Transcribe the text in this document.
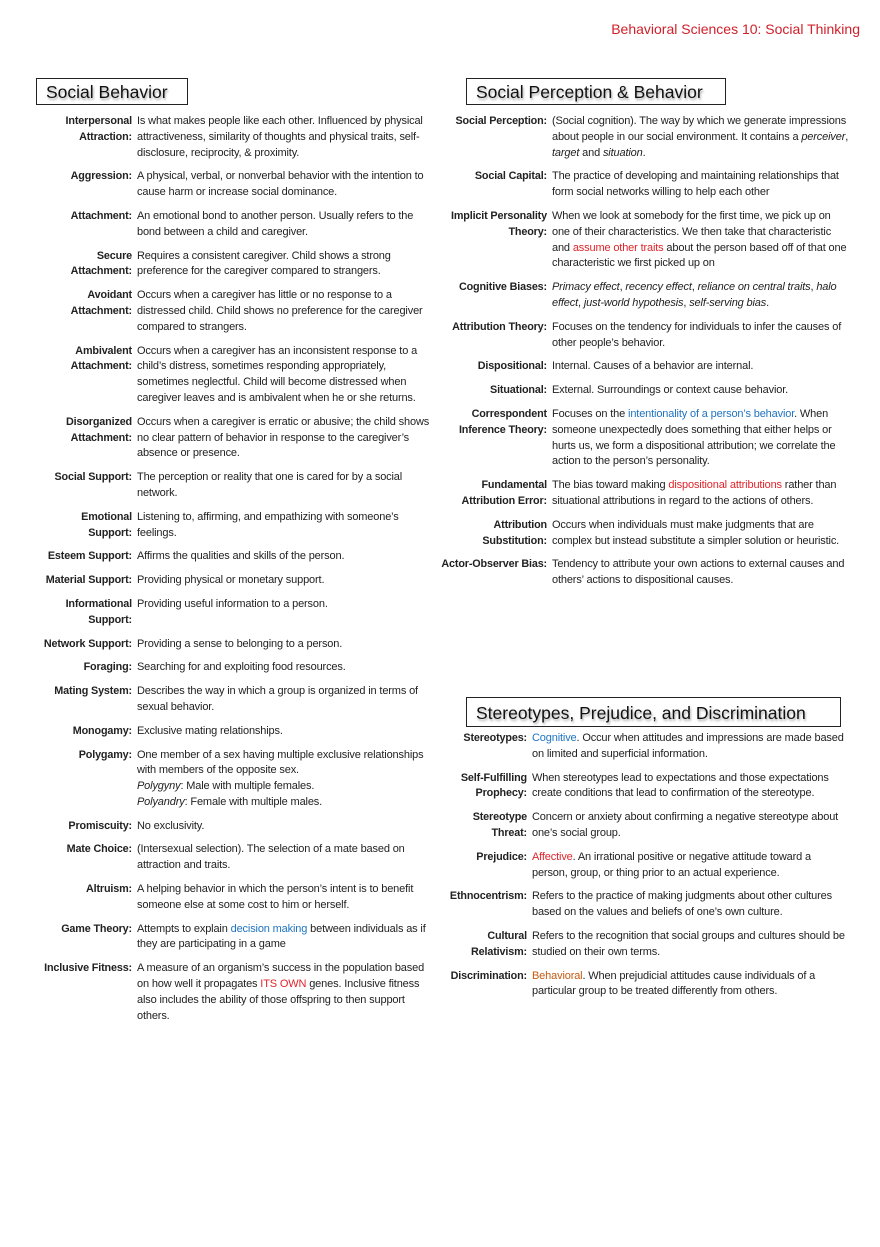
Behavioral Sciences 10: Social Thinking
Social Behavior	Social Perception & Behavior
Stereotypes, Prejudice, and Discrimination
Interpersonal
Attraction:
Is what makes people like each other. Influenced by physical attractiveness, similarity of thoughts and physical traits, self-disclosure, reciprocity, & proximity.
Aggression: A physical, verbal, or nonverbal behavior with the intention to cause harm or increase social dominance.
Attachment: An emotional bond to another person. Usually refers to the bond between a child and caregiver.
Secure
Attachment:
Requires a consistent caregiver. Child shows a strong preference for the caregiver compared to strangers.
Avoidant
Attachment:
Occurs when a caregiver has little or no response to a distressed child. Child shows no preference for the caregiver compared to strangers.
Ambivalent
Attachment:
Occurs when a caregiver has an inconsistent response to a child’s distress, sometimes responding appropriately, sometimes neglectful. Child will become distressed when caregiver leaves and is ambivalent when he or she returns.
Disorganized
Attachment:
Occurs when a caregiver is erratic or abusive; the child shows no clear pattern of behavior in response to the caregiver’s absence or presence.
Social Support: The perception or reality that one is cared for by a social network.
Emotional
Support:
Listening to, affirming, and empathizing with someone’s feelings.
Esteem Support: Affirms the qualities and skills of the person.
Material Support: Providing physical or monetary support.
Informational
Support:
Providing useful information to a person.
Network Support: Providing a sense to belonging to a person.
Foraging: Searching for and exploiting food resources.
Mating System: Describes the way in which a group is organized in terms of sexual behavior.
Monogamy: Exclusive mating relationships.
Polygamy: One member of a sex having multiple exclusive relationships with members of the opposite sex.
Polygyny: Male with multiple females.
Polyandry: Female with multiple males.
Promiscuity: No exclusivity.
Mate Choice: (Intersexual selection). The selection of a mate based on attraction and traits.
Altruism: A helping behavior in which the person’s intent is to benefit someone else at some cost to him or herself.
Game Theory: Attempts to explain decision making between individuals as if they are participating in a game
Inclusive Fitness: A measure of an organism’s success in the population based on how well it propagates ITS OWN genes. Inclusive fitness also includes the ability of those offspring to then support others.
Social Perception: (Social cognition). The way by which we generate impressions about people in our social environment. It contains a perceiver, target and situation.
Social Capital: The practice of developing and maintaining relationships that form social networks willing to help each other
Implicit Personality
Theory:
When we look at somebody for the first time, we pick up on one of their characteristics. We then take that characteristic and assume other traits about the person based off of that one characteristic we first picked up on
Cognitive Biases: Primacy effect, recency effect, reliance on central traits, halo effect, just-world hypothesis, self-serving bias.
Attribution Theory: Focuses on the tendency for individuals to infer the causes of other people’s behavior.
Dispositional: Internal. Causes of a behavior are internal.
Situational: External. Surroundings or context cause behavior.
Correspondent
Inference Theory:
Focuses on the intentionality of a person’s behavior. When someone unexpectedly does something that either helps or hurts us, we form a dispositional attribution; we correlate the action to the person’s personality.
Fundamental
Attribution Error:
The bias toward making dispositional attributions rather than situational attributions in regard to the actions of others.
Attribution
Substitution:
Occurs when individuals must make judgments that are complex but instead substitute a simpler solution or heuristic.
Actor-Observer Bias: Tendency to attribute your own actions to external causes and others’ actions to dispositional causes.
Stereotypes: Cognitive. Occur when attitudes and impressions are made based on limited and superficial information.
Self-Fulfilling
Prophecy:
When stereotypes lead to expectations and those expectations create conditions that lead to confirmation of the stereotype.
Stereotype
Threat:
Concern or anxiety about confirming a negative stereotype about one’s social group.
Prejudice: Affective. An irrational positive or negative attitude toward a person, group, or thing prior to an actual experience.
Ethnocentrism: Refers to the practice of making judgments about other cultures based on the values and beliefs of one’s own culture.
Cultural
Relativism:
Refers to the recognition that social groups and cultures should be studied on their own terms.
Discrimination: Behavioral. When prejudicial attitudes cause individuals of a particular group to be treated differently from others.
